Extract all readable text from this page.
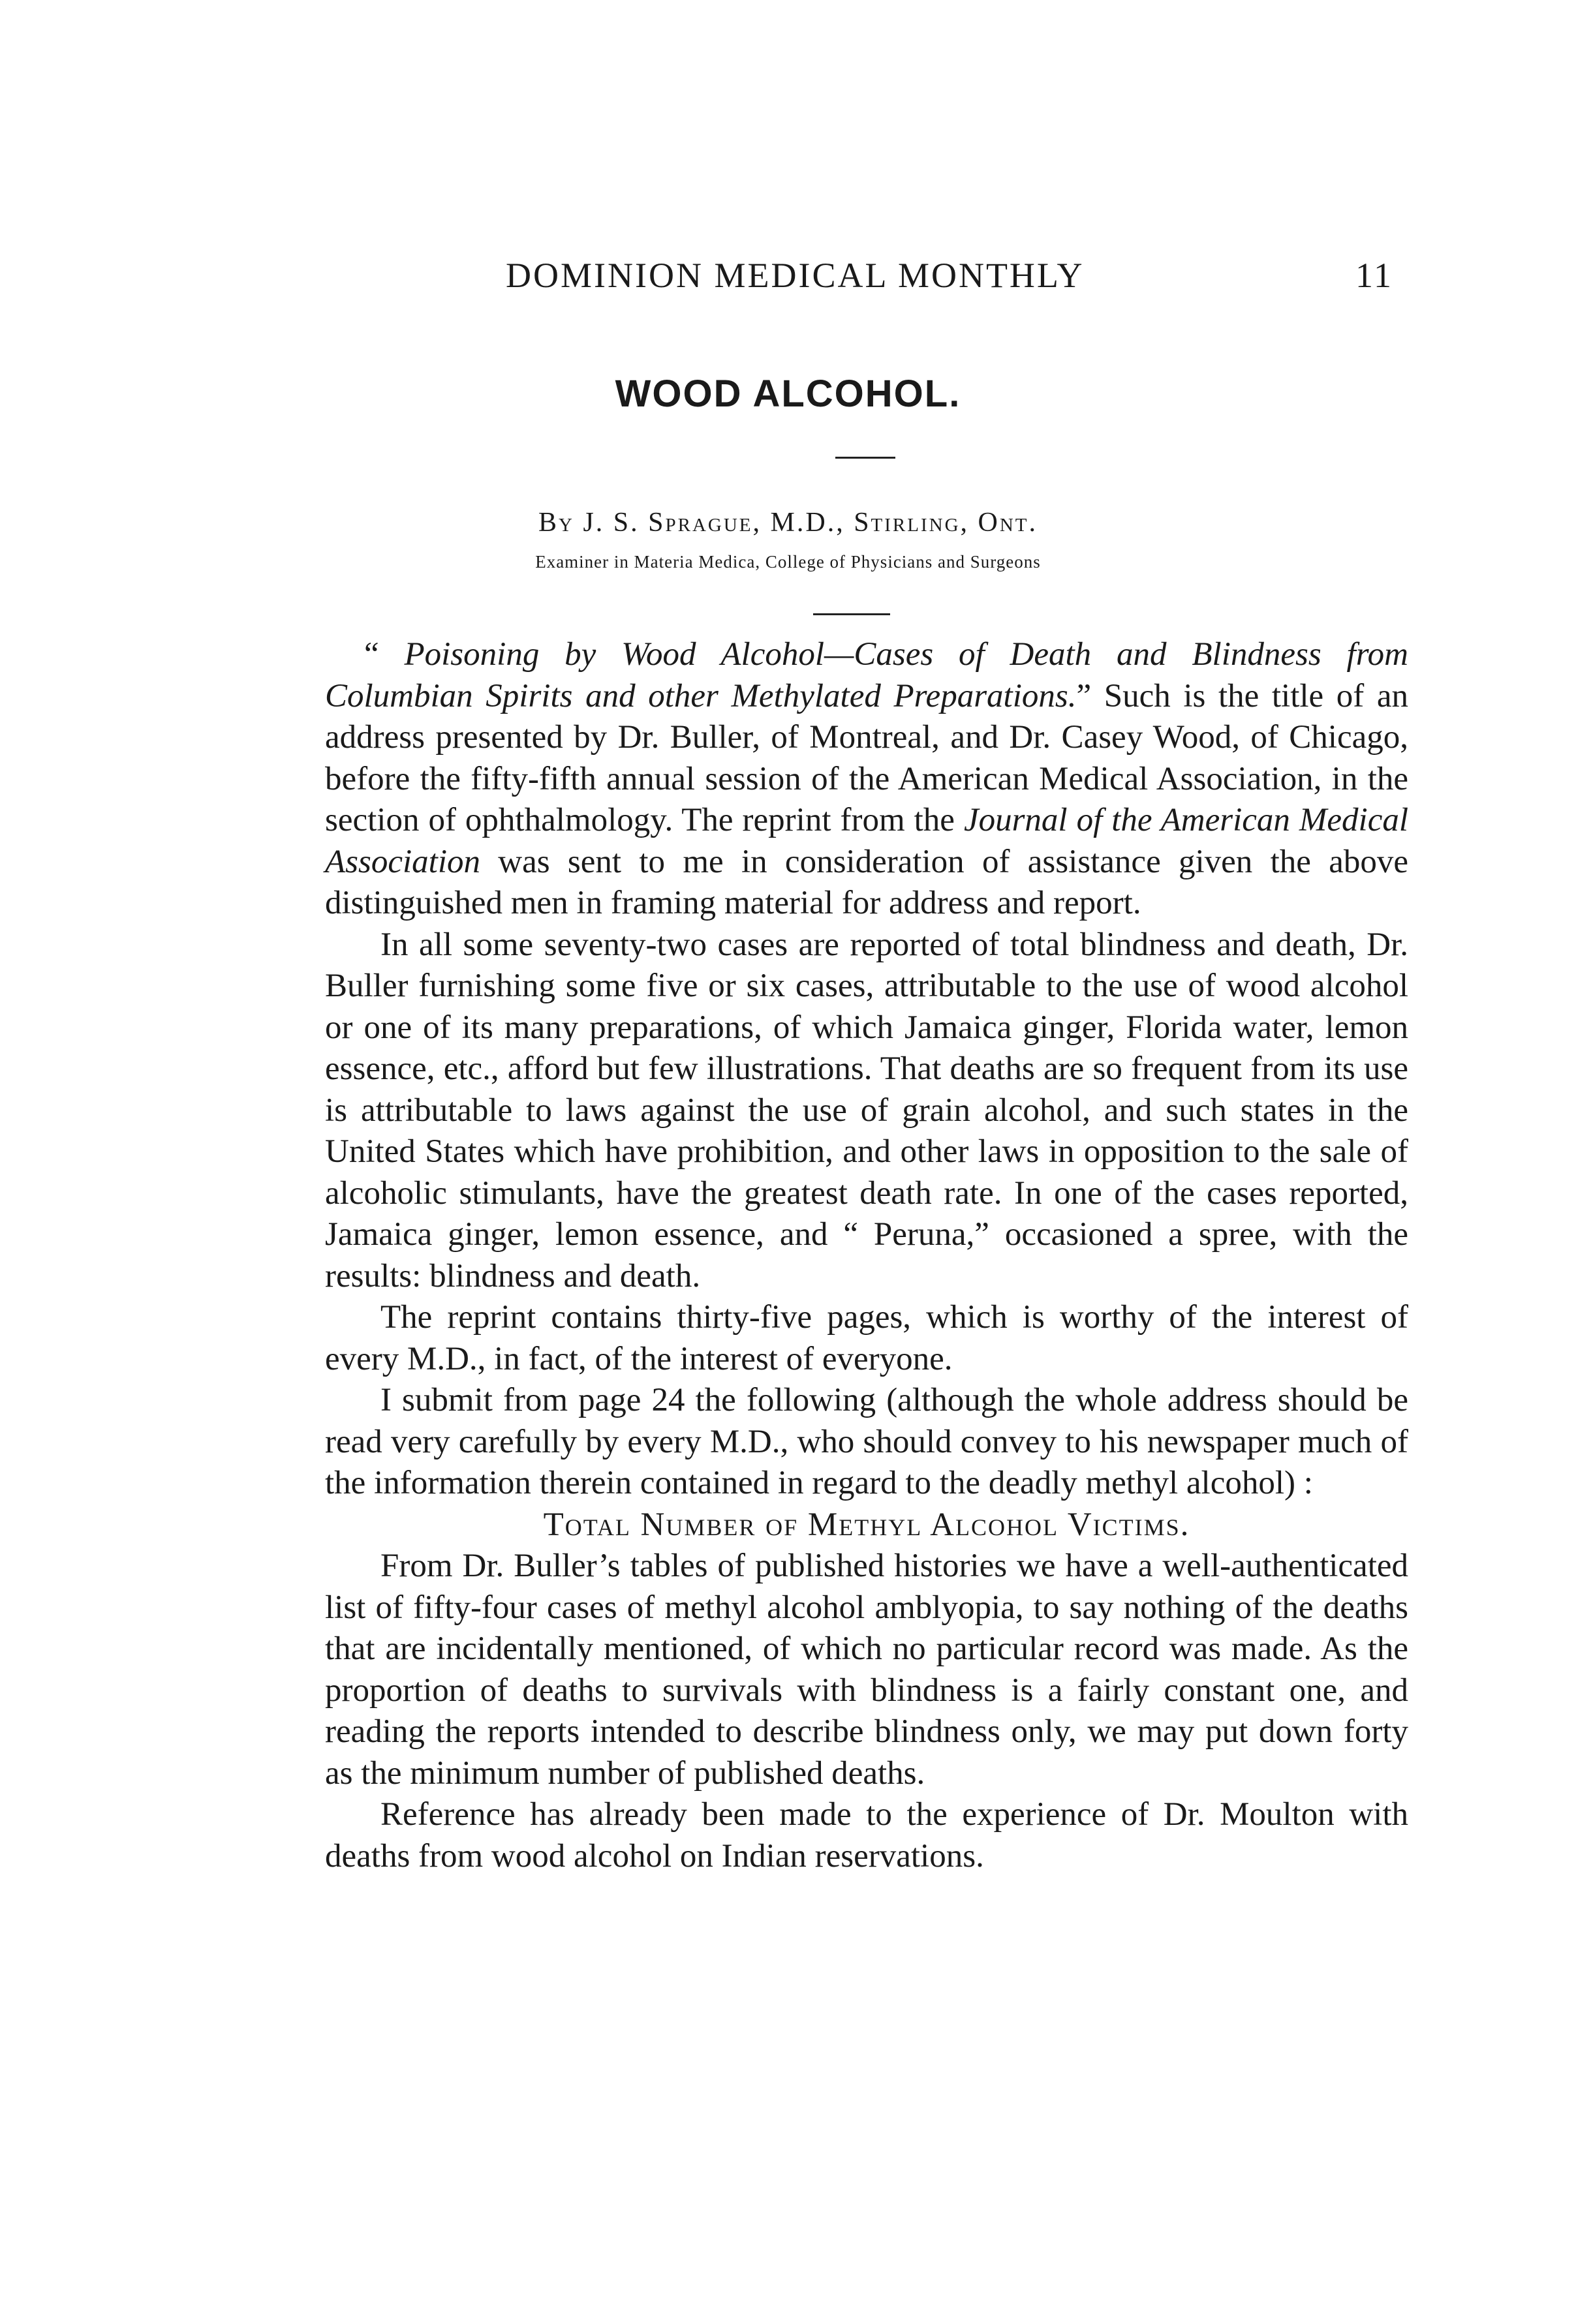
DOMINION MEDICAL MONTHLY	11
WOOD ALCOHOL.
By J. S. Sprague, M.D., Stirling, Ont.
Examiner in Materia Medica, College of Physicians and Surgeons

“ Poisoning by Wood Alcohol—Cases of Death and Blindness from Columbian Spirits and other Methylated Preparations.” Such is the title of an address presented by Dr. Buller, of Montreal, and Dr. Casey Wood, of Chicago, before the fifty-fifth annual session of the American Medical Association, in the section of ophthalmology. The reprint from the Journal of the American Medical Association was sent to me in consideration of assistance given the above distinguished men in framing material for address and report.

In all some seventy-two cases are reported of total blindness and death, Dr. Buller furnishing some five or six cases, attributable to the use of wood alcohol or one of its many preparations, of which Jamaica ginger, Florida water, lemon essence, etc., afford but few illustrations. That deaths are so frequent from its use is attributable to laws against the use of grain alcohol, and such states in the United States which have prohibition, and other laws in opposition to the sale of alcoholic stimulants, have the greatest death rate. In one of the cases reported, Jamaica ginger, lemon essence, and “ Peruna,” occasioned a spree, with the results: blindness and death.

The reprint contains thirty-five pages, which is worthy of the interest of every M.D., in fact, of the interest of everyone.

I submit from page 24 the following (although the whole address should be read very carefully by every M.D., who should convey to his newspaper much of the information therein contained in regard to the deadly methyl alcohol) :

Total Number of Methyl Alcohol Victims.

From Dr. Buller’s tables of published histories we have a well-authenticated list of fifty-four cases of methyl alcohol amblyopia, to say nothing of the deaths that are incidentally mentioned, of which no particular record was made. As the proportion of deaths to survivals with blindness is a fairly constant one, and reading the reports intended to describe blindness only, we may put down forty as the minimum number of published deaths.

Reference has already been made to the experience of Dr. Moulton with deaths from wood alcohol on Indian reservations.
